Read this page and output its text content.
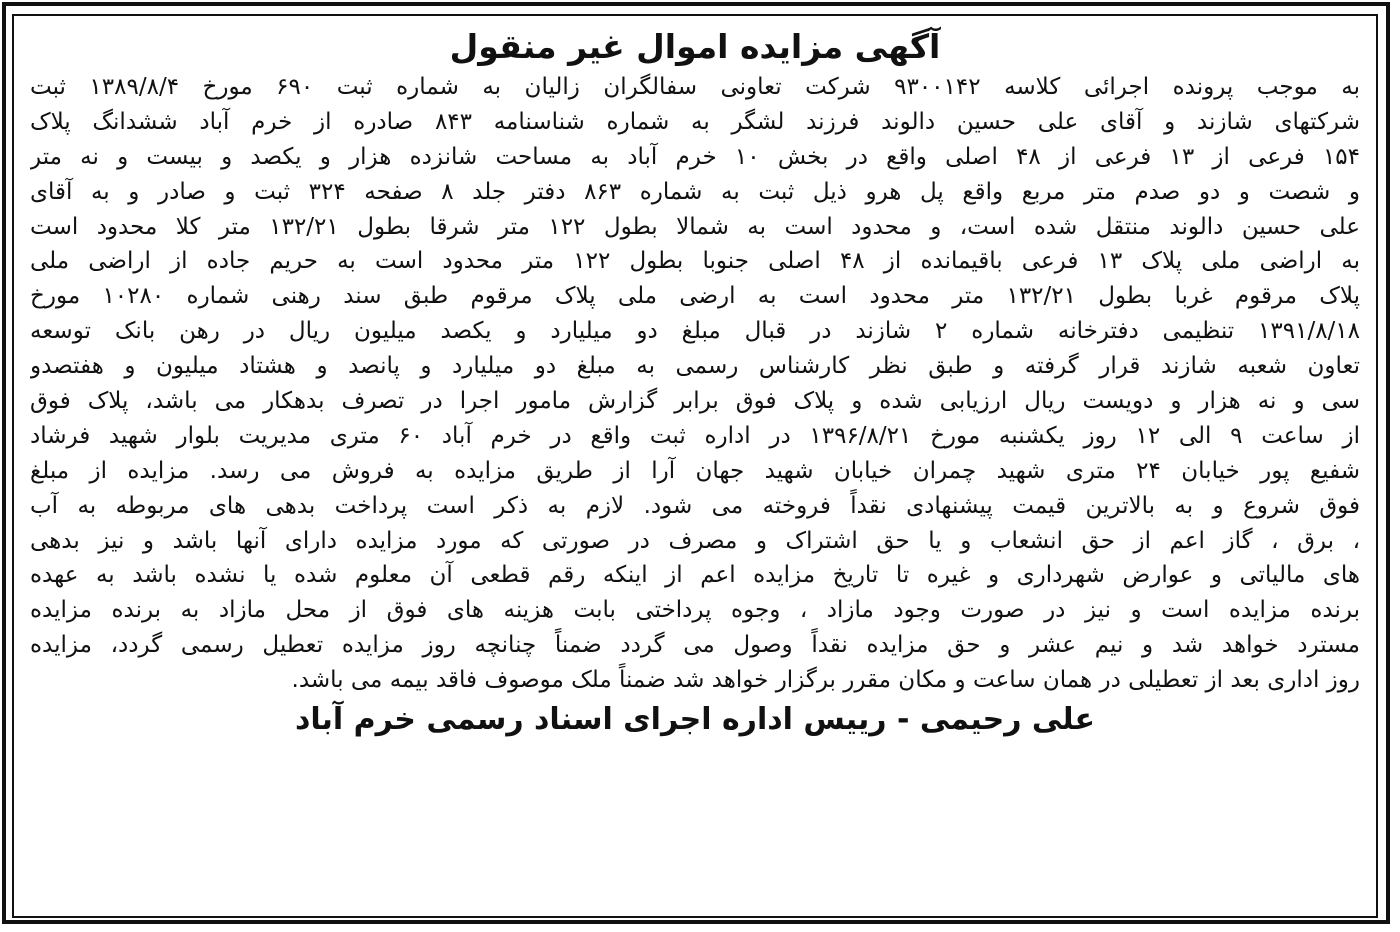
آگهی مزایده اموال غیر منقول
به موجب پرونده اجرائی کلاسه ۹۳۰۰۱۴۲ شرکت تعاونی سفالگران زالیان به شماره ثبت ۶۹۰ مورخ ۱۳۸۹/۸/۴ ثبت
شرکتهای شازند و آقای علی حسین دالوند فرزند لشگر به شماره شناسنامه ۸۴۳ صادره از خرم آباد ششدانگ پلاک
۱۵۴ فرعی از ۱۳ فرعی از ۴۸ اصلی واقع در بخش ۱۰ خرم آباد به مساحت شانزده هزار و یکصد و بیست و نه متر
و شصت و دو صدم متر مربع واقع پل هرو ذیل ثبت به شماره ۸۶۳ دفتر جلد ۸ صفحه ۳۲۴ ثبت و صادر و به آقای
علی حسین دالوند منتقل شده است، و محدود است به شمالا بطول ۱۲۲ متر شرقا بطول ۱۳۲/۲۱ متر کلا محدود است
به اراضی ملی پلاک ۱۳ فرعی باقیمانده از ۴۸ اصلی جنوبا بطول ۱۲۲ متر محدود است به حریم جاده از اراضی ملی
پلاک مرقوم غربا بطول ۱۳۲/۲۱ متر محدود است به ارضی ملی پلاک مرقوم طبق سند رهنی شماره ۱۰۲۸۰ مورخ
۱۳۹۱/۸/۱۸ تنظیمی دفترخانه شماره ۲ شازند در قبال مبلغ دو میلیارد و یکصد میلیون ریال در رهن بانک توسعه
تعاون شعبه شازند قرار گرفته و طبق نظر کارشناس رسمی به مبلغ دو میلیارد و پانصد و هشتاد میلیون و هفتصدو
سی و نه هزار و دویست ریال ارزیابی شده و پلاک فوق برابر گزارش مامور اجرا در تصرف بدهکار می باشد، پلاک فوق
از ساعت ۹ الی ۱۲ روز یکشنبه مورخ ۱۳۹۶/۸/۲۱ در اداره ثبت واقع در خرم آباد ۶۰ متری مدیریت بلوار شهید فرشاد
شفیع پور خیابان ۲۴ متری شهید چمران خیابان شهید جهان آرا از طریق مزایده به فروش می رسد. مزایده از مبلغ
فوق شروع و به بالاترین قیمت پیشنهادی نقداً فروخته می شود. لازم به ذکر است پرداخت بدهی های مربوطه به آب
، برق ، گاز اعم از حق انشعاب و یا حق اشتراک و مصرف در صورتی که مورد مزایده دارای آنها باشد و نیز بدهی
های مالیاتی و عوارض شهرداری و غیره تا تاریخ مزایده اعم از اینکه رقم قطعی آن معلوم شده یا نشده باشد به عهده
برنده مزایده است و نیز در صورت وجود مازاد ، وجوه پرداختی بابت هزینه های فوق از محل مازاد به برنده مزایده
مسترد خواهد شد و نیم عشر و حق مزایده نقداً وصول می گردد ضمناً چنانچه روز مزایده تعطیل رسمی گردد، مزایده
روز اداری بعد از تعطیلی در همان ساعت و مکان مقرر برگزار خواهد شد ضمناً ملک موصوف فاقد بیمه می باشد.
علی رحیمی - رییس اداره اجرای اسناد رسمی خرم آباد
